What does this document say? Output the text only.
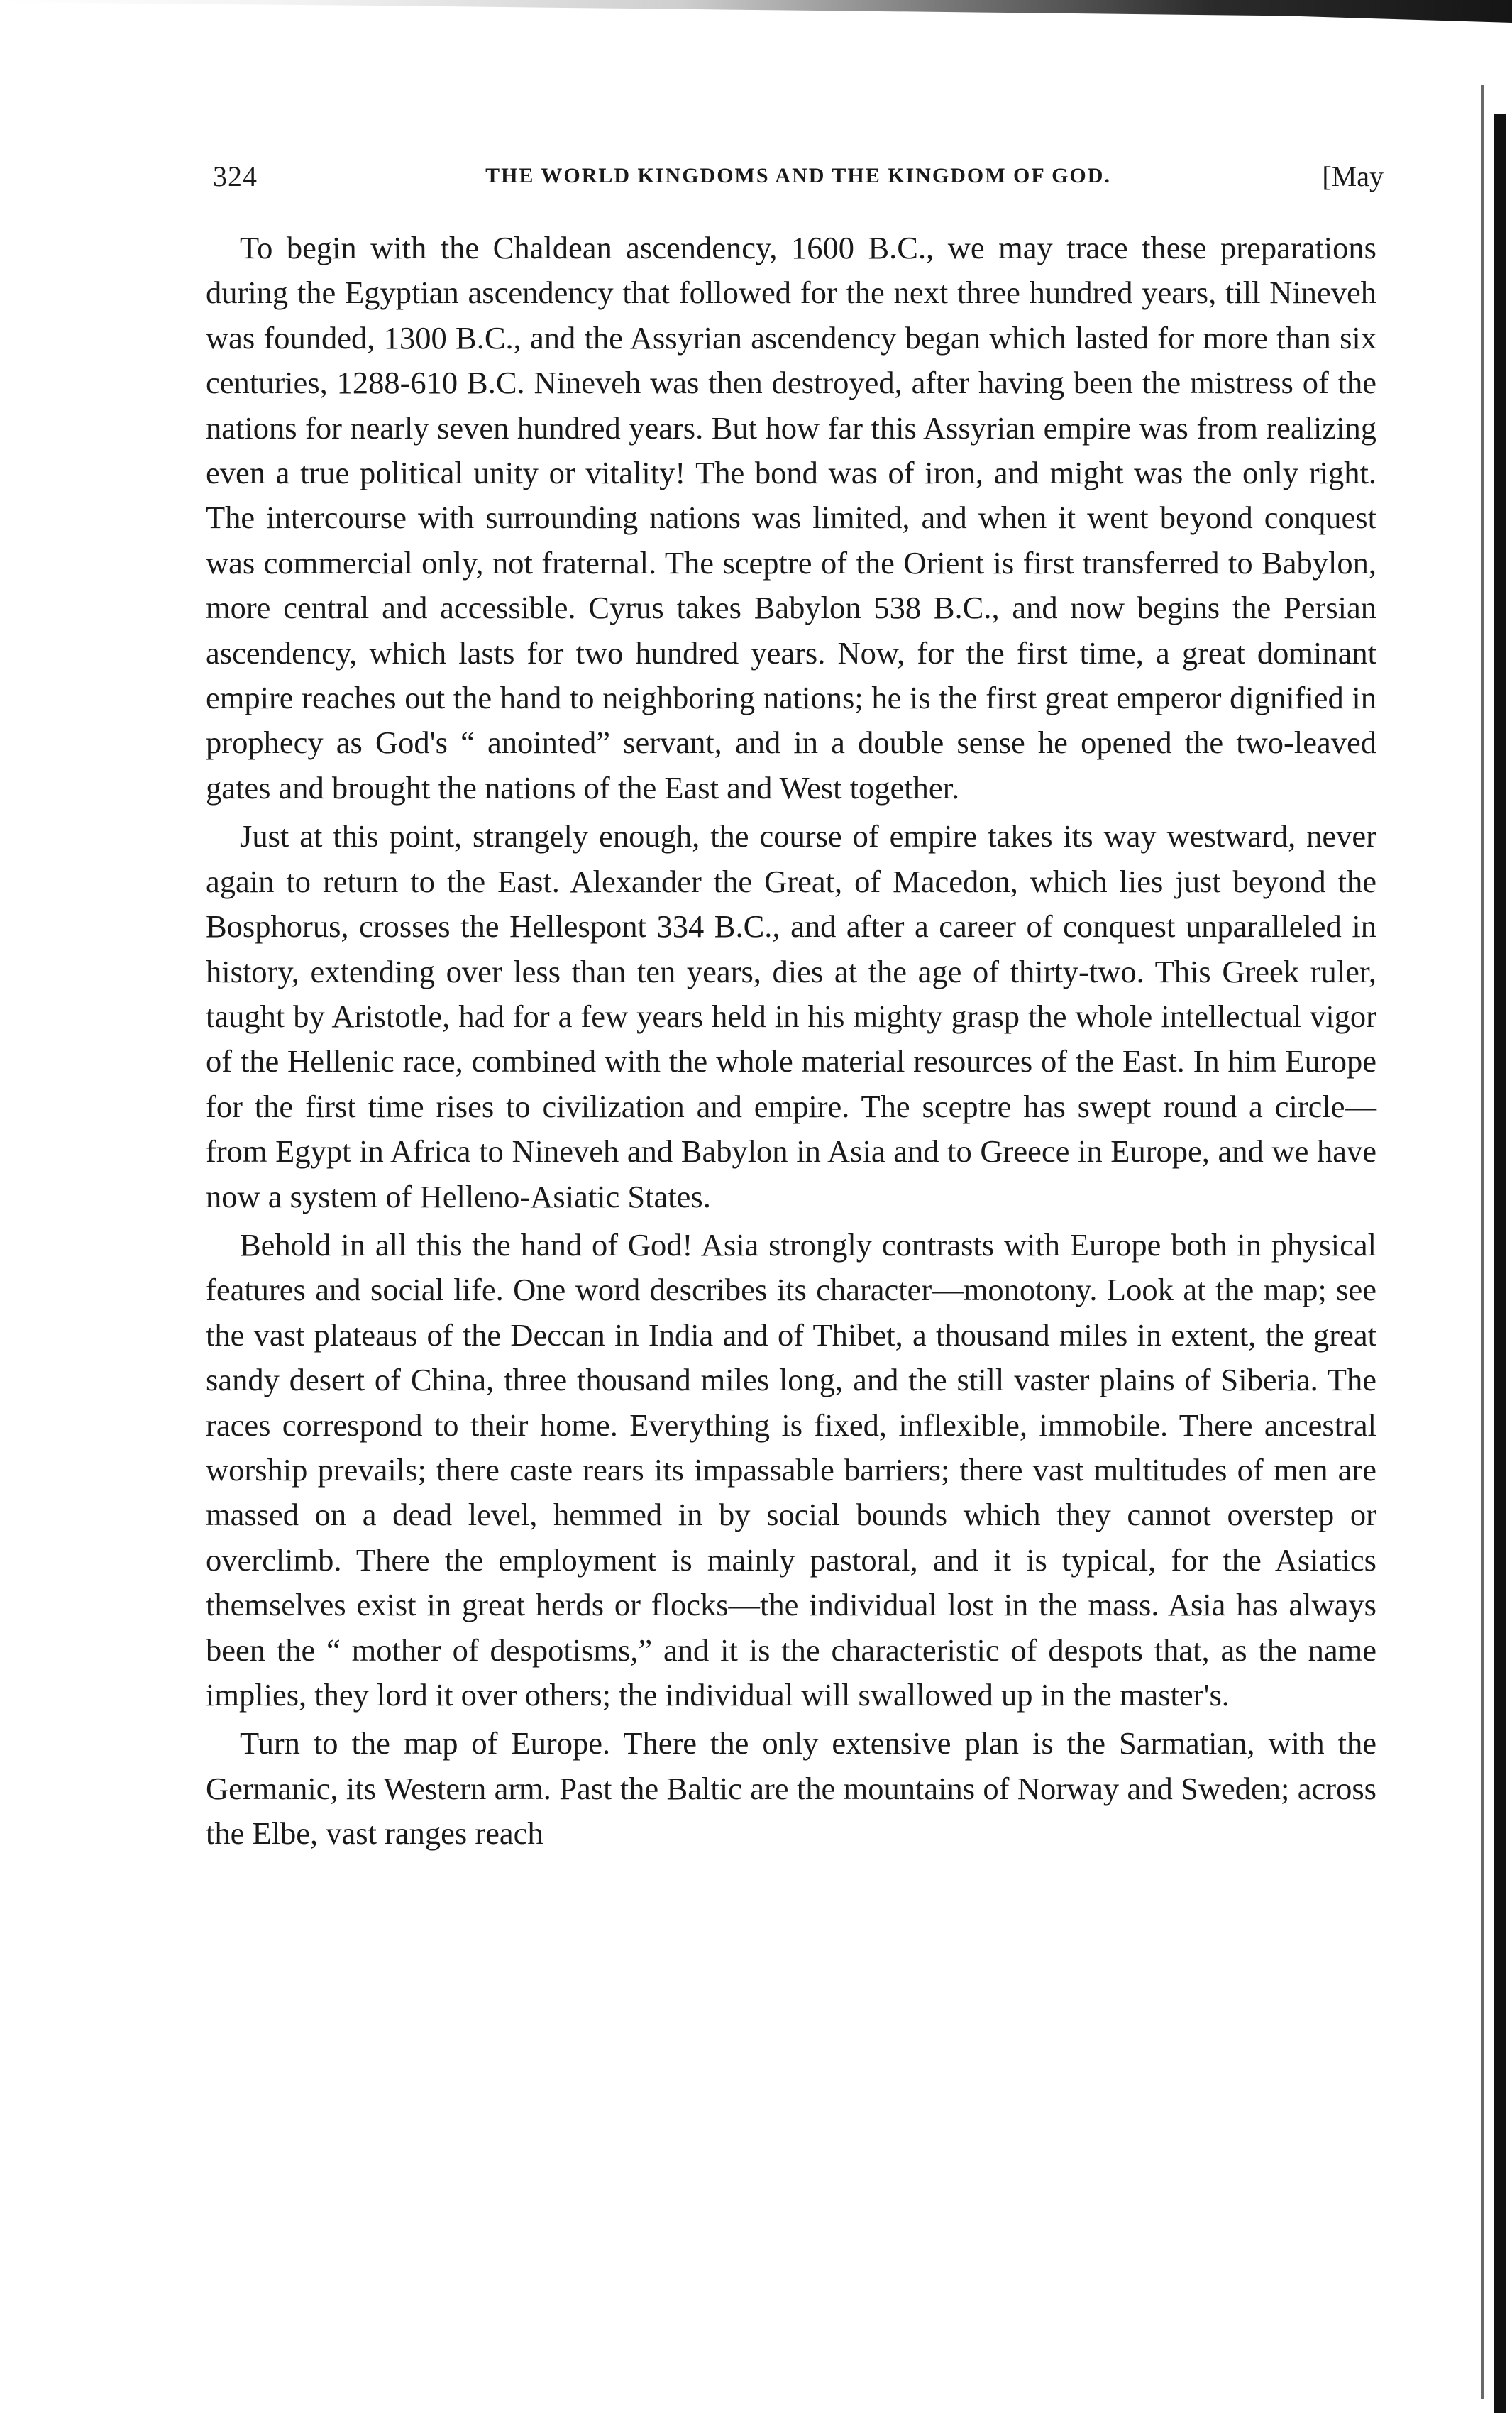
324	THE WORLD KINGDOMS AND THE KINGDOM OF GOD.	[May

To begin with the Chaldean ascendency, 1600 B.C., we may trace these preparations during the Egyptian ascendency that followed for the next three hundred years, till Nineveh was founded, 1300 B.C., and the Assyrian ascendency began which lasted for more than six centuries, 1288-610 B.C. Nineveh was then destroyed, after having been the mistress of the nations for nearly seven hundred years. But how far this Assyrian empire was from realizing even a true political unity or vitality! The bond was of iron, and might was the only right. The intercourse with surrounding nations was limited, and when it went beyond conquest was commercial only, not fraternal. The sceptre of the Orient is first transferred to Babylon, more central and accessible. Cyrus takes Babylon 538 B.C., and now begins the Persian ascendency, which lasts for two hundred years. Now, for the first time, a great dominant empire reaches out the hand to neighboring nations; he is the first great emperor dignified in prophecy as God's “ anointed” servant, and in a double sense he opened the two-leaved gates and brought the nations of the East and West together.

Just at this point, strangely enough, the course of empire takes its way westward, never again to return to the East. Alexander the Great, of Macedon, which lies just beyond the Bosphorus, crosses the Hellespont 334 B.C., and after a career of conquest unparalleled in history, extending over less than ten years, dies at the age of thirty-two. This Greek ruler, taught by Aristotle, had for a few years held in his mighty grasp the whole intellectual vigor of the Hellenic race, combined with the whole material resources of the East. In him Europe for the first time rises to civilization and empire. The sceptre has swept round a circle—from Egypt in Africa to Nineveh and Babylon in Asia and to Greece in Europe, and we have now a system of Helleno-Asiatic States.

Behold in all this the hand of God! Asia strongly contrasts with Europe both in physical features and social life. One word describes its character—monotony. Look at the map; see the vast plateaus of the Deccan in India and of Thibet, a thousand miles in extent, the great sandy desert of China, three thousand miles long, and the still vaster plains of Siberia. The races correspond to their home. Everything is fixed, inflexible, immobile. There ancestral worship prevails; there caste rears its impassable barriers; there vast multitudes of men are massed on a dead level, hemmed in by social bounds which they cannot overstep or overclimb. There the employment is mainly pastoral, and it is typical, for the Asiatics themselves exist in great herds or flocks—the individual lost in the mass. Asia has always been the “ mother of despotisms,” and it is the characteristic of despots that, as the name implies, they lord it over others; the individual will swallowed up in the master's.

Turn to the map of Europe. There the only extensive plan is the Sarmatian, with the Germanic, its Western arm. Past the Baltic are the mountains of Norway and Sweden; across the Elbe, vast ranges reach
